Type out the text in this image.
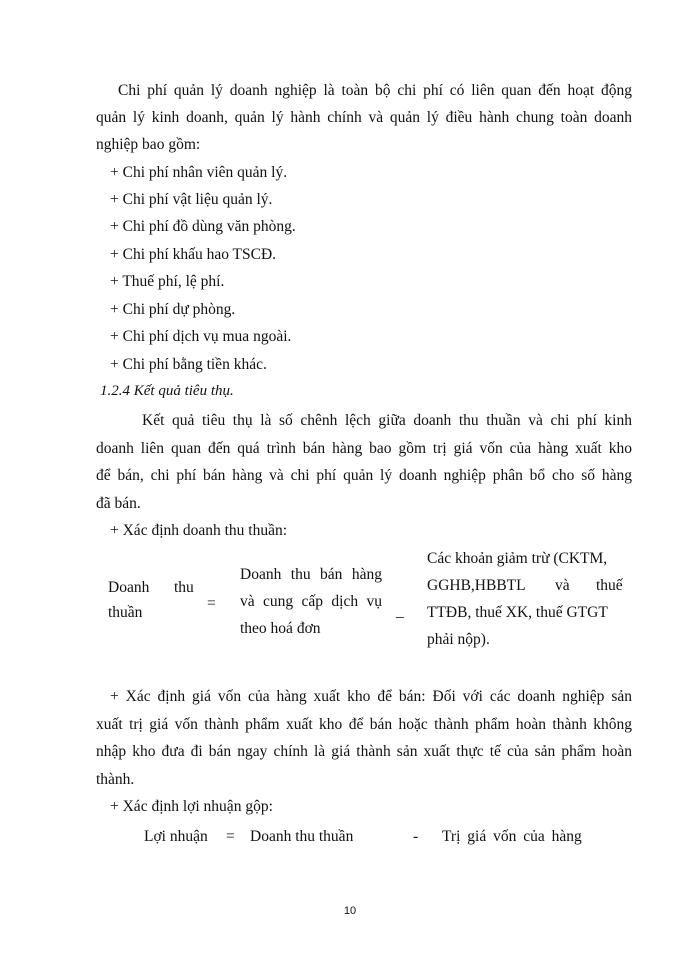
Chi phí quản lý doanh nghiệp là toàn bộ chi phí có liên quan đến hoạt động
quản lý kinh doanh, quản lý hành chính và quản lý điều hành chung toàn doanh
nghiệp bao gồm:
+ Chi phí nhân viên quản lý.
+ Chi phí vật liệu quản lý.
+ Chi phí đồ dùng văn phòng.
+ Chi phí khấu hao TSCĐ.
+ Thuế phí, lệ phí.
+ Chi phí dự phòng.
+ Chi phí dịch vụ mua ngoài.
+ Chi phí bằng tiền khác.
1.2.4 Kết quả tiêu thụ.
Kết quả tiêu thụ là số chênh lệch giữa doanh thu thuần và chi phí kinh
doanh liên quan đến quá trình bán hàng bao gồm trị giá vốn của hàng xuất kho
để bán, chi phí bán hàng và chi phí quản lý doanh nghiệp phân bổ cho số hàng
đã bán.
+ Xác định doanh thu thuần:
Doanh thu
thuần
=
Doanh thu bán hàng
và cung cấp dịch vụ
theo hoá đơn
_
Các khoản giảm trừ (CKTM,
GGHB,HBBTL và thuế
TTĐB, thuế XK, thuế GTGT
phải nộp).
+ Xác định giá vốn của hàng xuất kho để bán: Đối với các doanh nghiệp sản
xuất trị giá vốn thành phẩm xuất kho để bán hoặc thành phẩm hoàn thành không
nhập kho đưa đi bán ngay chính là giá thành sản xuất thực tế của sản phẩm hoàn
thành.
+ Xác định lợi nhuận gộp:
Lợi nhuận = Doanh thu thuần	- Trị giá vốn của hàng
10
